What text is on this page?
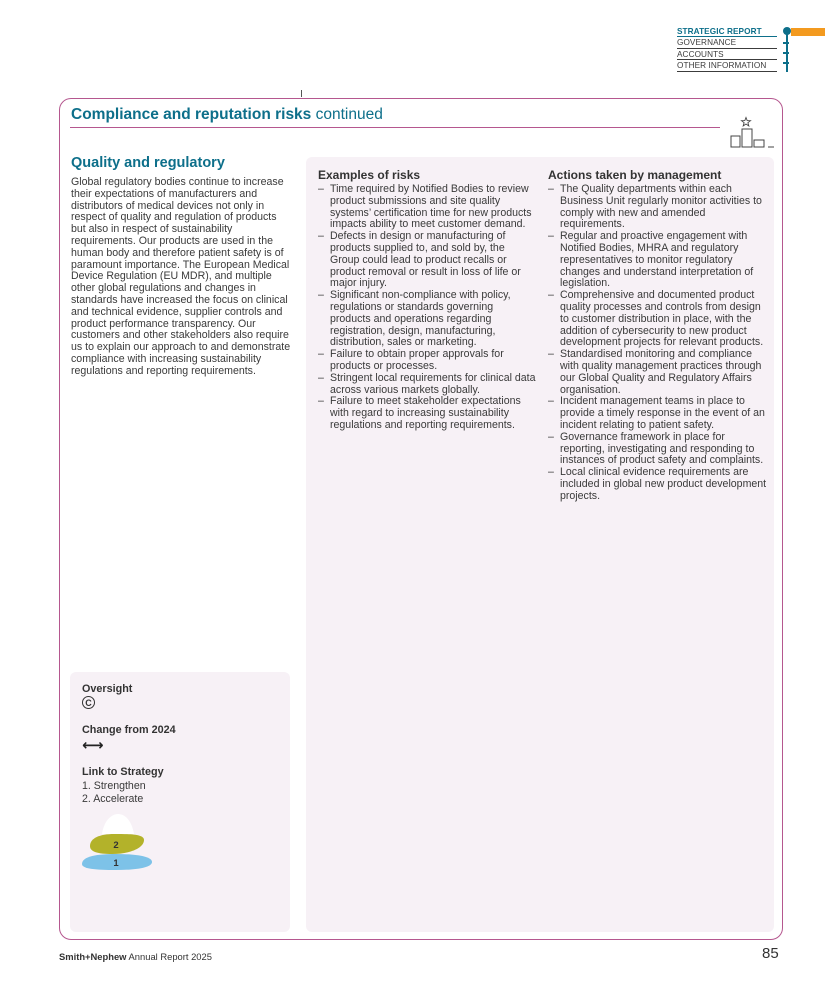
STRATEGIC REPORT
GOVERNANCE
ACCOUNTS
OTHER INFORMATION
Compliance and reputation risks continued
Quality and regulatory
Global regulatory bodies continue to increase their expectations of manufacturers and distributors of medical devices not only in respect of quality and regulation of products but also in respect of sustainability requirements. Our products are used in the human body and therefore patient safety is of paramount importance. The European Medical Device Regulation (EU MDR), and multiple other global regulations and changes in standards have increased the focus on clinical and technical evidence, supplier controls and product performance transparency. Our customers and other stakeholders also require us to explain our approach to and demonstrate compliance with increasing sustainability regulations and reporting requirements.
Oversight
C
Change from 2024
⟷
Link to Strategy
1. Strengthen
2. Accelerate
2
1
Examples of risks
– Time required by Notified Bodies to review product submissions and site quality systems’ certification time for new products impacts ability to meet customer demand.
– Defects in design or manufacturing of products supplied to, and sold by, the Group could lead to product recalls or product removal or result in loss of life or major injury.
– Significant non-compliance with policy, regulations or standards governing products and operations regarding registration, design, manufacturing, distribution, sales or marketing.
– Failure to obtain proper approvals for products or processes.
– Stringent local requirements for clinical data across various markets globally.
– Failure to meet stakeholder expectations with regard to increasing sustainability regulations and reporting requirements.
Actions taken by management
– The Quality departments within each Business Unit regularly monitor activities to comply with new and amended requirements.
– Regular and proactive engagement with Notified Bodies, MHRA and regulatory representatives to monitor regulatory changes and understand interpretation of legislation.
– Comprehensive and documented product quality processes and controls from design to customer distribution in place, with the addition of cybersecurity to new product development projects for relevant products.
– Standardised monitoring and compliance with quality management practices through our Global Quality and Regulatory Affairs organisation.
– Incident management teams in place to provide a timely response in the event of an incident relating to patient safety.
– Governance framework in place for reporting, investigating and responding to instances of product safety and complaints.
– Local clinical evidence requirements are included in global new product development projects.
Smith+Nephew Annual Report 2025	85
